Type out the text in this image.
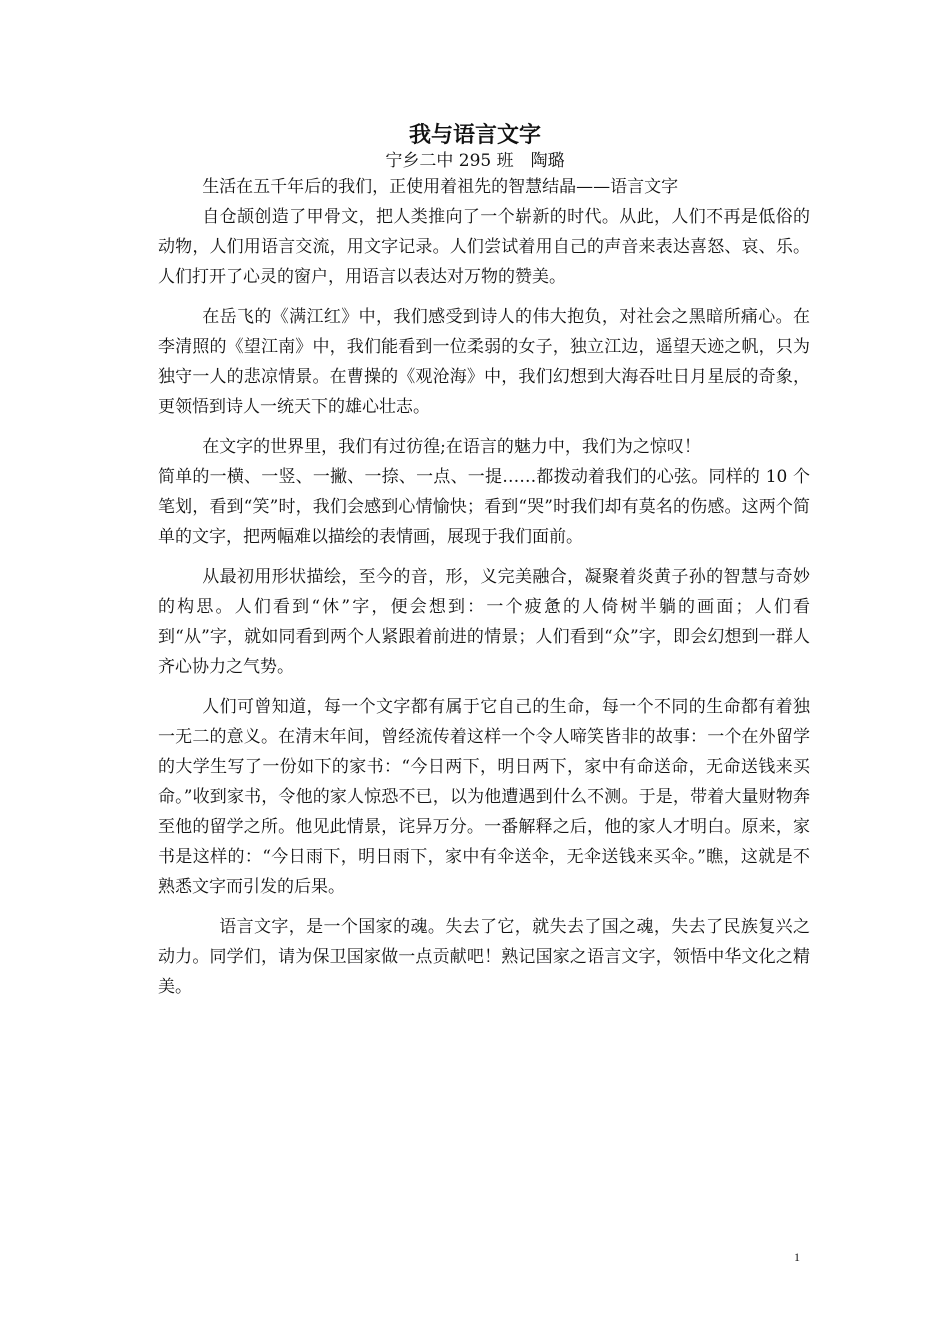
我与语言文字
宁乡二中 295 班　陶璐

生活在五千年后的我们，正使用着祖先的智慧结晶——语言文字

自仓颉创造了甲骨文，把人类推向了一个崭新的时代。从此，人们不再是低俗的动物，人们用语言交流，用文字记录。人们尝试着用自己的声音来表达喜怒、哀、乐。人们打开了心灵的窗户，用语言以表达对万物的赞美。

在岳飞的《满江红》中，我们感受到诗人的伟大抱负，对社会之黑暗所痛心。在李清照的《望江南》中，我们能看到一位柔弱的女子，独立江边，遥望天迹之帆，只为独守一人的悲凉情景。在曹操的《观沧海》中，我们幻想到大海吞吐日月星辰的奇象，更领悟到诗人一统天下的雄心壮志。

在文字的世界里，我们有过彷徨;在语言的魅力中，我们为之惊叹！

简单的一横、一竖、一撇、一捺、一点、一提……都拨动着我们的心弦。同样的 10 个笔划，看到“笑”时，我们会感到心情愉快；看到“哭”时我们却有莫名的伤感。这两个简单的文字，把两幅难以描绘的表情画，展现于我们面前。

从最初用形状描绘，至今的音，形，义完美融合，凝聚着炎黄子孙的智慧与奇妙的构思。人们看到“休”字，便会想到：一个疲惫的人倚树半躺的画面；人们看到“从”字，就如同看到两个人紧跟着前进的情景；人们看到“众”字，即会幻想到一群人齐心协力之气势。

人们可曾知道，每一个文字都有属于它自己的生命，每一个不同的生命都有着独一无二的意义。在清末年间，曾经流传着这样一个令人啼笑皆非的故事：一个在外留学的大学生写了一份如下的家书：“今日两下，明日两下，家中有命送命，无命送钱来买命。”收到家书，令他的家人惊恐不已，以为他遭遇到什么不测。于是，带着大量财物奔至他的留学之所。他见此情景，诧异万分。一番解释之后，他的家人才明白。原来，家书是这样的：“今日雨下，明日雨下，家中有伞送伞，无伞送钱来买伞。”瞧，这就是不熟悉文字而引发的后果。

语言文字，是一个国家的魂。失去了它，就失去了国之魂，失去了民族复兴之动力。同学们，请为保卫国家做一点贡献吧！熟记国家之语言文字，领悟中华文化之精美。

1
